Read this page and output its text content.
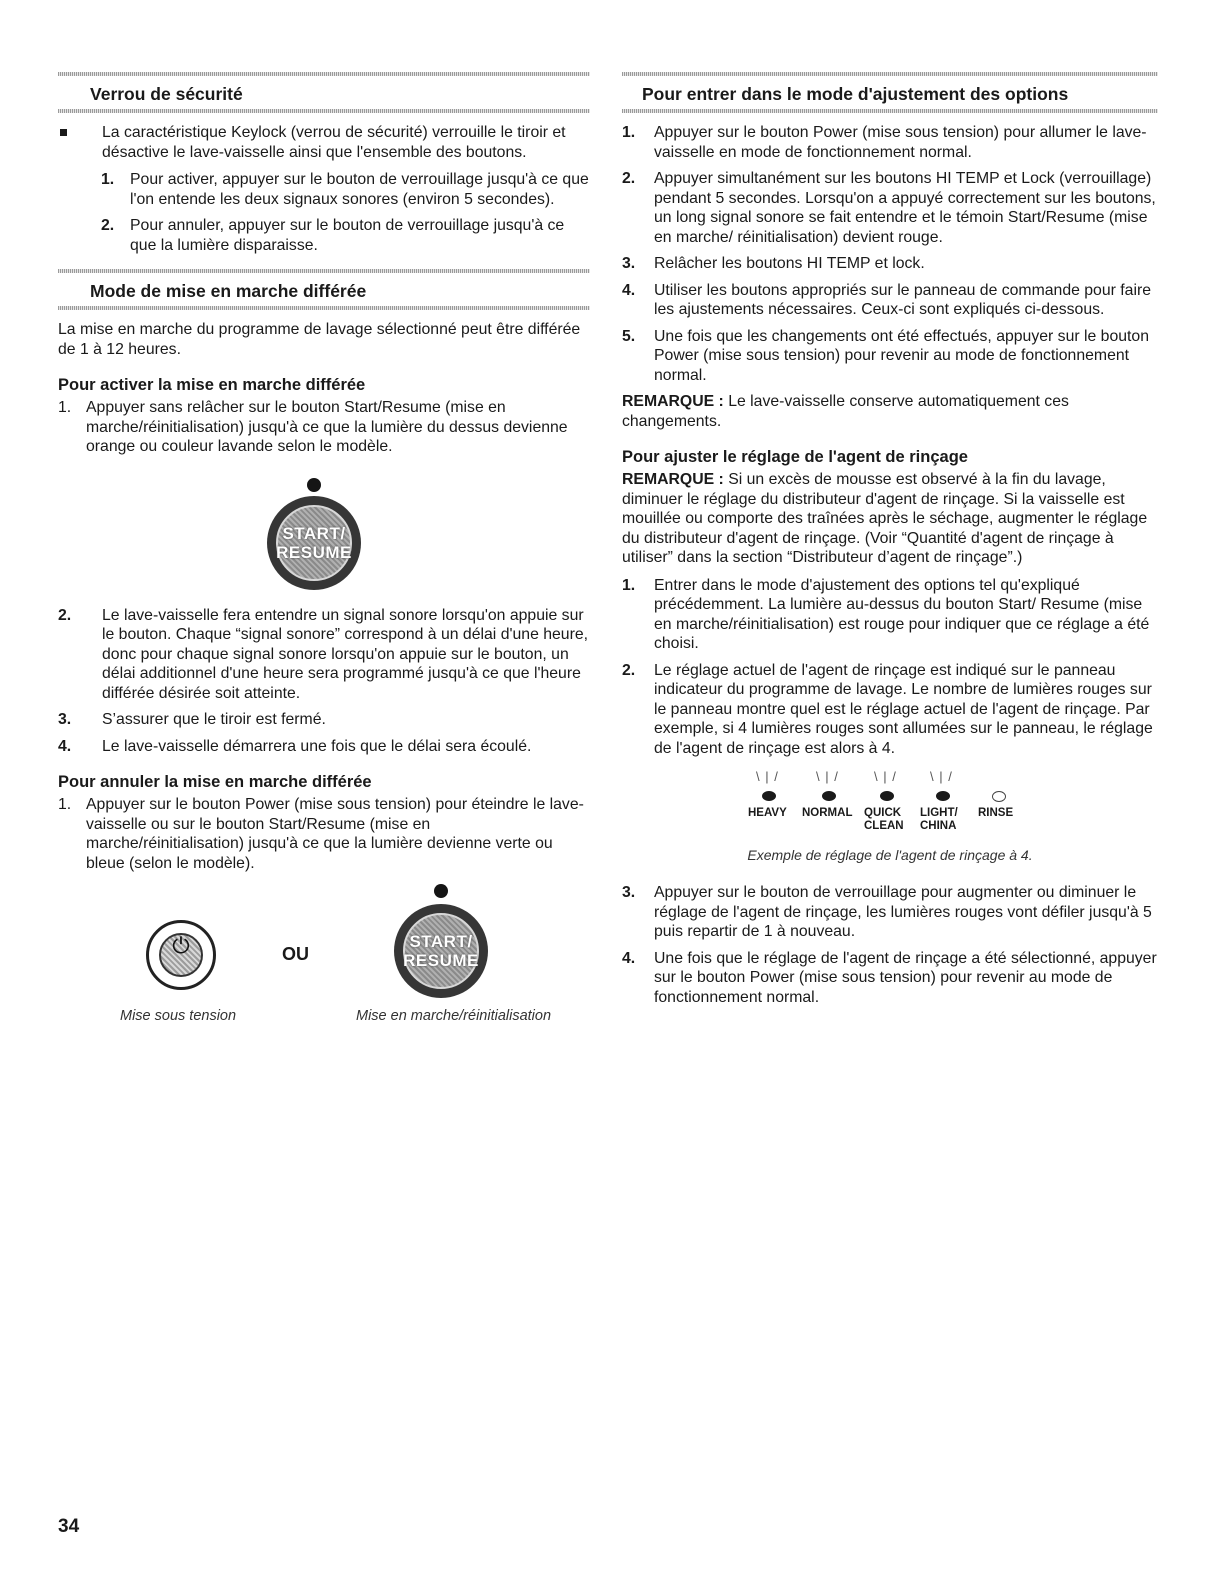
Verrou de sécurité
La caractéristique Keylock (verrou de sécurité) verrouille le tiroir et désactive le lave-vaisselle ainsi que l'ensemble des boutons.
1. Pour activer, appuyer sur le bouton de verrouillage jusqu'à ce que l'on entende les deux signaux sonores (environ 5 secondes).
2. Pour annuler, appuyer sur le bouton de verrouillage jusqu'à ce que la lumière disparaisse.
Mode de mise en marche différée

La mise en marche du programme de lavage sélectionné peut être différée de 1 à 12 heures.

Pour activer la mise en marche différée
1. Appuyer sans relâcher sur le bouton Start/Resume (mise en marche/réinitialisation) jusqu'à ce que la lumière du dessus devienne orange ou couleur lavande selon le modèle.
START/
RESUME
2. Le lave-vaisselle fera entendre un signal sonore lorsqu'on appuie sur le bouton. Chaque “signal sonore” correspond à un délai d'une heure, donc pour chaque signal sonore lorsqu'on appuie sur le bouton, un délai additionnel d'une heure sera programmé jusqu'à ce que l'heure différée désirée soit atteinte.
3. S’assurer que le tiroir est fermé.
4. Le lave-vaisselle démarrera une fois que le délai sera écoulé.
Pour annuler la mise en marche différée
1. Appuyer sur le bouton Power (mise sous tension) pour éteindre le lave-vaisselle ou sur le bouton Start/Resume (mise en marche/réinitialisation) jusqu'à ce que la lumière devienne verte ou bleue (selon le modèle).
⏻	OU
START/
RESUME
Mise sous tension	Mise en marche/réinitialisation
Pour entrer dans le mode d'ajustement des options
1. Appuyer sur le bouton Power (mise sous tension) pour allumer le lave-vaisselle en mode de fonctionnement normal.
2. Appuyer simultanément sur les boutons HI TEMP et Lock (verrouillage) pendant 5 secondes. Lorsqu'on a appuyé correctement sur les boutons, un long signal sonore se fait entendre et le témoin Start/Resume (mise en marche/ réinitialisation) devient rouge.
3. Relâcher les boutons HI TEMP et lock.
4. Utiliser les boutons appropriés sur le panneau de commande pour faire les ajustements nécessaires. Ceux-ci sont expliqués ci-dessous.
5. Une fois que les changements ont été effectués, appuyer sur le bouton Power (mise sous tension) pour revenir au mode de fonctionnement normal.

REMARQUE : Le lave-vaisselle conserve automatiquement ces changements.

Pour ajuster le réglage de l'agent de rinçage

REMARQUE : Si un excès de mousse est observé à la fin du lavage, diminuer le réglage du distributeur d'agent de rinçage. Si la vaisselle est mouillée ou comporte des traînées après le séchage, augmenter le réglage du distributeur d'agent de rinçage. (Voir “Quantité d'agent de rinçage à utiliser” dans la section “Distributeur d’agent de rinçage”.)

1. Entrer dans le mode d'ajustement des options tel qu'expliqué précédemment. La lumière au-dessus du bouton Start/ Resume (mise en marche/réinitialisation) est rouge pour indiquer que ce réglage a été choisi.
2. Le réglage actuel de l'agent de rinçage est indiqué sur le panneau indicateur du programme de lavage. Le nombre de lumières rouges sur le panneau montre quel est le réglage actuel de l'agent de rinçage. Par exemple, si 4 lumières rouges sont allumées sur le panneau, le réglage de l'agent de rinçage est alors à 4.
\ | /	\ | /	\ | /	\ | /
HEAVY NORMAL QUICK
CLEAN
LIGHT/
CHINA
RINSE
Exemple de réglage de l'agent de rinçage à 4.
3. Appuyer sur le bouton de verrouillage pour augmenter ou diminuer le réglage de l'agent de rinçage, les lumières rouges vont défiler jusqu'à 5 puis repartir de 1 à nouveau.
4. Une fois que le réglage de l'agent de rinçage a été sélectionné, appuyer sur le bouton Power (mise sous tension) pour revenir au mode de fonctionnement normal.
34
